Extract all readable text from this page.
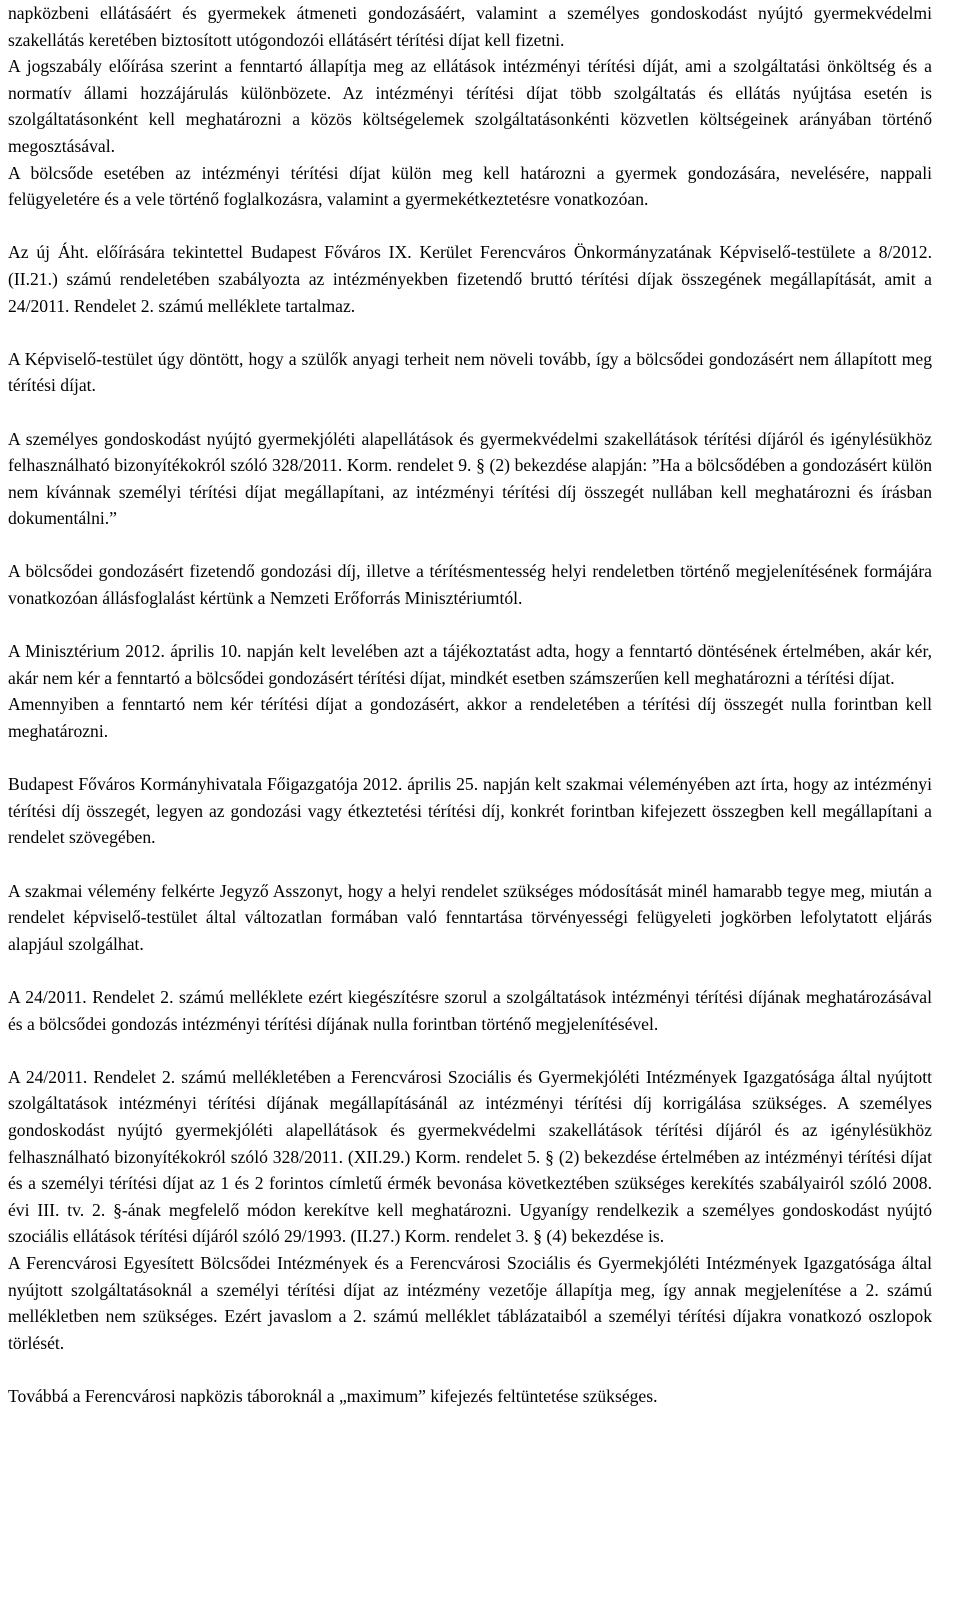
napközbeni ellátásáért és gyermekek átmeneti gondozásáért, valamint a személyes gondoskodást nyújtó gyermekvédelmi szakellátás keretében biztosított utógondozói ellátásért térítési díjat kell fizetni.

A jogszabály előírása szerint a fenntartó állapítja meg az ellátások intézményi térítési díját, ami a szolgáltatási önköltség és a normatív állami hozzájárulás különbözete. Az intézményi térítési díjat több szolgáltatás és ellátás nyújtása esetén is szolgáltatásonként kell meghatározni a közös költségelemek szolgáltatásonkénti közvetlen költségeinek arányában történő megosztásával.

A bölcsőde esetében az intézményi térítési díjat külön meg kell határozni a gyermek gondozására, nevelésére, nappali felügyeletére és a vele történő foglalkozásra, valamint a gyermekétkeztetésre vonatkozóan.

Az új Áht. előírására tekintettel Budapest Főváros IX. Kerület Ferencváros Önkormányzatának Képviselő-testülete a 8/2012. (II.21.) számú rendeletében szabályozta az intézményekben fizetendő bruttó térítési díjak összegének megállapítását, amit a 24/2011. Rendelet 2. számú melléklete tartalmaz.

A Képviselő-testület úgy döntött, hogy a szülők anyagi terheit nem növeli tovább, így a bölcsődei gondozásért nem állapított meg térítési díjat.

A személyes gondoskodást nyújtó gyermekjóléti alapellátások és gyermekvédelmi szakellátások térítési díjáról és igénylésükhöz felhasználható bizonyítékokról szóló 328/2011. Korm. rendelet 9. § (2) bekezdése alapján: ”Ha a bölcsődében a gondozásért külön nem kívánnak személyi térítési díjat megállapítani, az intézményi térítési díj összegét nullában kell meghatározni és írásban dokumentálni.”

A bölcsődei gondozásért fizetendő gondozási díj, illetve a térítésmentesség helyi rendeletben történő megjelenítésének formájára vonatkozóan állásfoglalást kértünk a Nemzeti Erőforrás Minisztériumtól.

A Minisztérium 2012. április 10. napján kelt levelében azt a tájékoztatást adta, hogy a fenntartó döntésének értelmében, akár kér, akár nem kér a fenntartó a bölcsődei gondozásért térítési díjat, mindkét esetben számszerűen kell meghatározni a térítési díjat.

Amennyiben a fenntartó nem kér térítési díjat a gondozásért, akkor a rendeletében a térítési díj összegét nulla forintban kell meghatározni.

Budapest Főváros Kormányhivatala Főigazgatója 2012. április 25. napján kelt szakmai véleményében azt írta, hogy az intézményi térítési díj összegét, legyen az gondozási vagy étkeztetési térítési díj, konkrét forintban kifejezett összegben kell megállapítani a rendelet szövegében.

A szakmai vélemény felkérte Jegyző Asszonyt, hogy a helyi rendelet szükséges módosítását minél hamarabb tegye meg, miután a rendelet képviselő-testület által változatlan formában való fenntartása törvényességi felügyeleti jogkörben lefolytatott eljárás alapjául szolgálhat.

A 24/2011. Rendelet 2. számú melléklete ezért kiegészítésre szorul a szolgáltatások intézményi térítési díjának meghatározásával és a bölcsődei gondozás intézményi térítési díjának nulla forintban történő megjelenítésével.

A 24/2011. Rendelet 2. számú mellékletében a Ferencvárosi Szociális és Gyermekjóléti Intézmények Igazgatósága által nyújtott szolgáltatások intézményi térítési díjának megállapításánál az intézményi térítési díj korrigálása szükséges. A személyes gondoskodást nyújtó gyermekjóléti alapellátások és gyermekvédelmi szakellátások térítési díjáról és az igénylésükhöz felhasználható bizonyítékokról szóló 328/2011. (XII.29.) Korm. rendelet 5. § (2) bekezdése értelmében az intézményi térítési díjat és a személyi térítési díjat az 1 és 2 forintos címletű érmék bevonása következtében szükséges kerekítés szabályairól szóló 2008. évi III. tv. 2. §-ának megfelelő módon kerekítve kell meghatározni. Ugyanígy rendelkezik a személyes gondoskodást nyújtó szociális ellátások térítési díjáról szóló 29/1993. (II.27.) Korm. rendelet 3. § (4) bekezdése is.

A Ferencvárosi Egyesített Bölcsődei Intézmények és a Ferencvárosi Szociális és Gyermekjóléti Intézmények Igazgatósága által nyújtott szolgáltatásoknál a személyi térítési díjat az intézmény vezetője állapítja meg, így annak megjelenítése a 2. számú mellékletben nem szükséges. Ezért javaslom a 2. számú melléklet táblázataiból a személyi térítési díjakra vonatkozó oszlopok törlését.

Továbbá a Ferencvárosi napközis táboroknál a „maximum” kifejezés feltüntetése szükséges.
